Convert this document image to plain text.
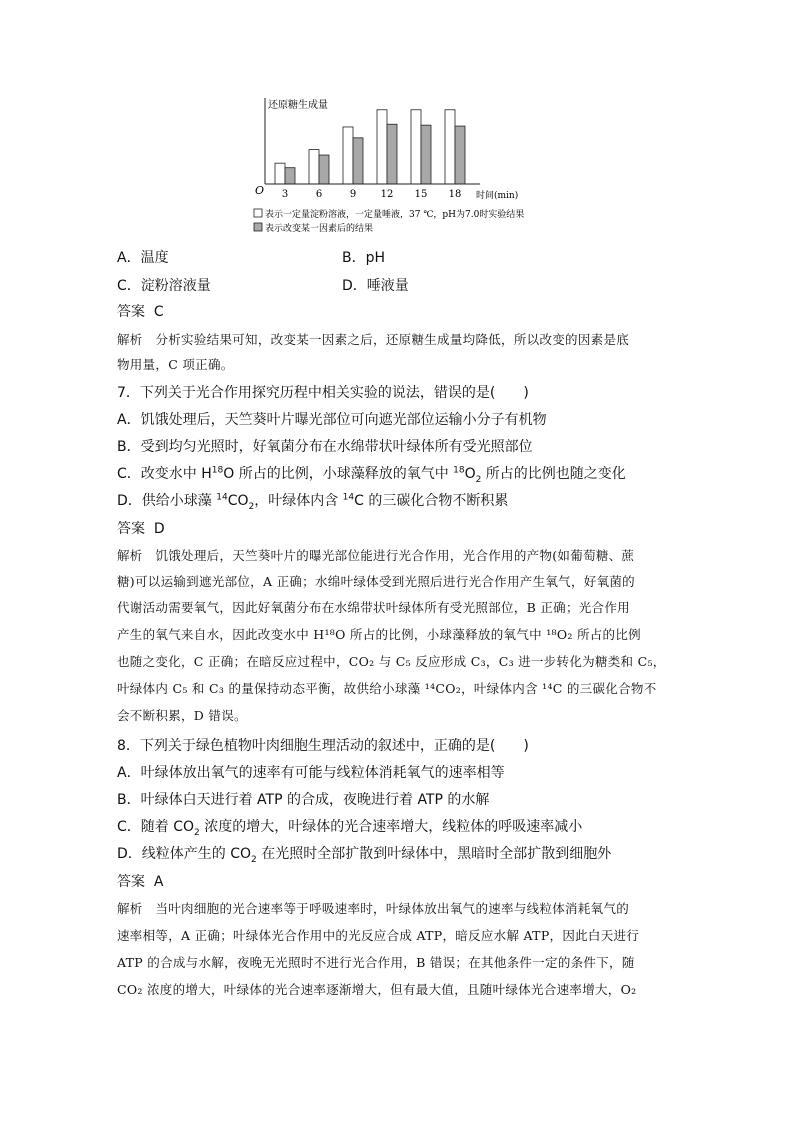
还原糖生成量
O	时间(min)
3	6	9 12 15 18
表示一定量淀粉溶液，一定量唾液，37 ℃，pH为7.0时实验结果
表示改变某一因素后的结果
A．温度	B．pH
C．淀粉溶液量	D．唾液量
答案 C
解析 分析实验结果可知，改变某一因素之后，还原糖生成量均降低，所以改变的因素是底
物用量，C 项正确。
7．下列关于光合作用探究历程中相关实验的说法，错误的是(　　)
A．饥饿处理后，天竺葵叶片曝光部位可向遮光部位运输小分子有机物
B．受到均匀光照时，好氧菌分布在水绵带状叶绿体所有受光照部位
C．改变水中 $H^{18}O$ 所占的比例，小球藻释放的氧气中 $^{18}O_2$ 所占的比例也随之变化
D．供给小球藻 $^{14}CO_2$，叶绿体内含 $^{14}$C 的三碳化合物不断积累
答案 D
解析 饥饿处理后，天竺葵叶片的曝光部位能进行光合作用，光合作用的产物(如葡萄糖、蔗
糖)可以运输到遮光部位，A 正确；水绵叶绿体受到光照后进行光合作用产生氧气，好氧菌的
代谢活动需要氧气，因此好氧菌分布在水绵带状叶绿体所有受光照部位，B 正确；光合作用
产生的氧气来自水，因此改变水中 H¹⁸O 所占的比例，小球藻释放的氧气中 ¹⁸O₂ 所占的比例
也随之变化，C 正确；在暗反应过程中，CO₂ 与 C₅ 反应形成 C₃，C₃ 进一步转化为糖类和 C₅，
叶绿体内 C₅ 和 C₃ 的量保持动态平衡，故供给小球藻 ¹⁴CO₂，叶绿体内含 ¹⁴C 的三碳化合物不
会不断积累，D 错误。
8．下列关于绿色植物叶肉细胞生理活动的叙述中，正确的是(　　)
A．叶绿体放出氧气的速率有可能与线粒体消耗氧气的速率相等
B．叶绿体白天进行着 ATP 的合成，夜晚进行着 ATP 的水解
C．随着 $CO_2$ 浓度的增大，叶绿体的光合速率增大，线粒体的呼吸速率减小
D．线粒体产生的 $CO_2$ 在光照时全部扩散到叶绿体中，黑暗时全部扩散到细胞外
答案 A
解析 当叶肉细胞的光合速率等于呼吸速率时，叶绿体放出氧气的速率与线粒体消耗氧气的
速率相等，A 正确；叶绿体光合作用中的光反应合成 ATP，暗反应水解 ATP，因此白天进行
ATP 的合成与水解，夜晚无光照时不进行光合作用，B 错误；在其他条件一定的条件下，随
CO₂ 浓度的增大，叶绿体的光合速率逐渐增大，但有最大值，且随叶绿体光合速率增大，O₂
